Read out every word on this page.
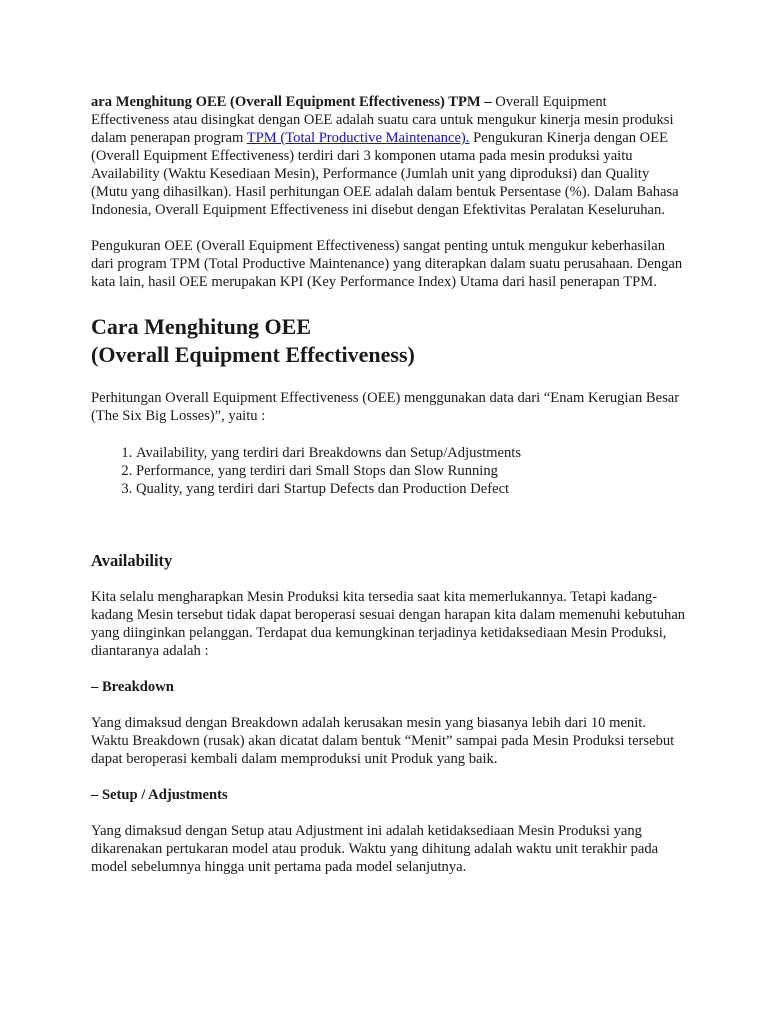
ara Menghitung OEE (Overall Equipment Effectiveness) TPM – Overall Equipment Effectiveness atau disingkat dengan OEE adalah suatu cara untuk mengukur kinerja mesin produksi dalam penerapan program TPM (Total Productive Maintenance). Pengukuran Kinerja dengan OEE (Overall Equipment Effectiveness) terdiri dari 3 komponen utama pada mesin produksi yaitu Availability (Waktu Kesediaan Mesin), Performance (Jumlah unit yang diproduksi) dan Quality (Mutu yang dihasilkan). Hasil perhitungan OEE adalah dalam bentuk Persentase (%). Dalam Bahasa Indonesia, Overall Equipment Effectiveness ini disebut dengan Efektivitas Peralatan Keseluruhan.

Pengukuran OEE (Overall Equipment Effectiveness) sangat penting untuk mengukur keberhasilan dari program TPM (Total Productive Maintenance) yang diterapkan dalam suatu perusahaan. Dengan kata lain, hasil OEE merupakan KPI (Key Performance Index) Utama dari hasil penerapan TPM.

Cara Menghitung OEE
(Overall Equipment Effectiveness)

Perhitungan Overall Equipment Effectiveness (OEE) menggunakan data dari “Enam Kerugian Besar (The Six Big Losses)”, yaitu :

1. Availability, yang terdiri dari Breakdowns dan Setup/Adjustments
2. Performance, yang terdiri dari Small Stops dan Slow Running
3. Quality, yang terdiri dari Startup Defects dan Production Defect
Availability

Kita selalu mengharapkan Mesin Produksi kita tersedia saat kita memerlukannya. Tetapi kadang-kadang Mesin tersebut tidak dapat beroperasi sesuai dengan harapan kita dalam memenuhi kebutuhan yang diinginkan pelanggan. Terdapat dua kemungkinan terjadinya ketidaksediaan Mesin Produksi, diantaranya adalah :

– Breakdown

Yang dimaksud dengan Breakdown adalah kerusakan mesin yang biasanya lebih dari 10 menit. Waktu Breakdown (rusak) akan dicatat dalam bentuk “Menit” sampai pada Mesin Produksi tersebut dapat beroperasi kembali dalam memproduksi unit Produk yang baik.

– Setup / Adjustments

Yang dimaksud dengan Setup atau Adjustment ini adalah ketidaksediaan Mesin Produksi yang dikarenakan pertukaran model atau produk. Waktu yang dihitung adalah waktu unit terakhir pada model sebelumnya hingga unit pertama pada model selanjutnya.
